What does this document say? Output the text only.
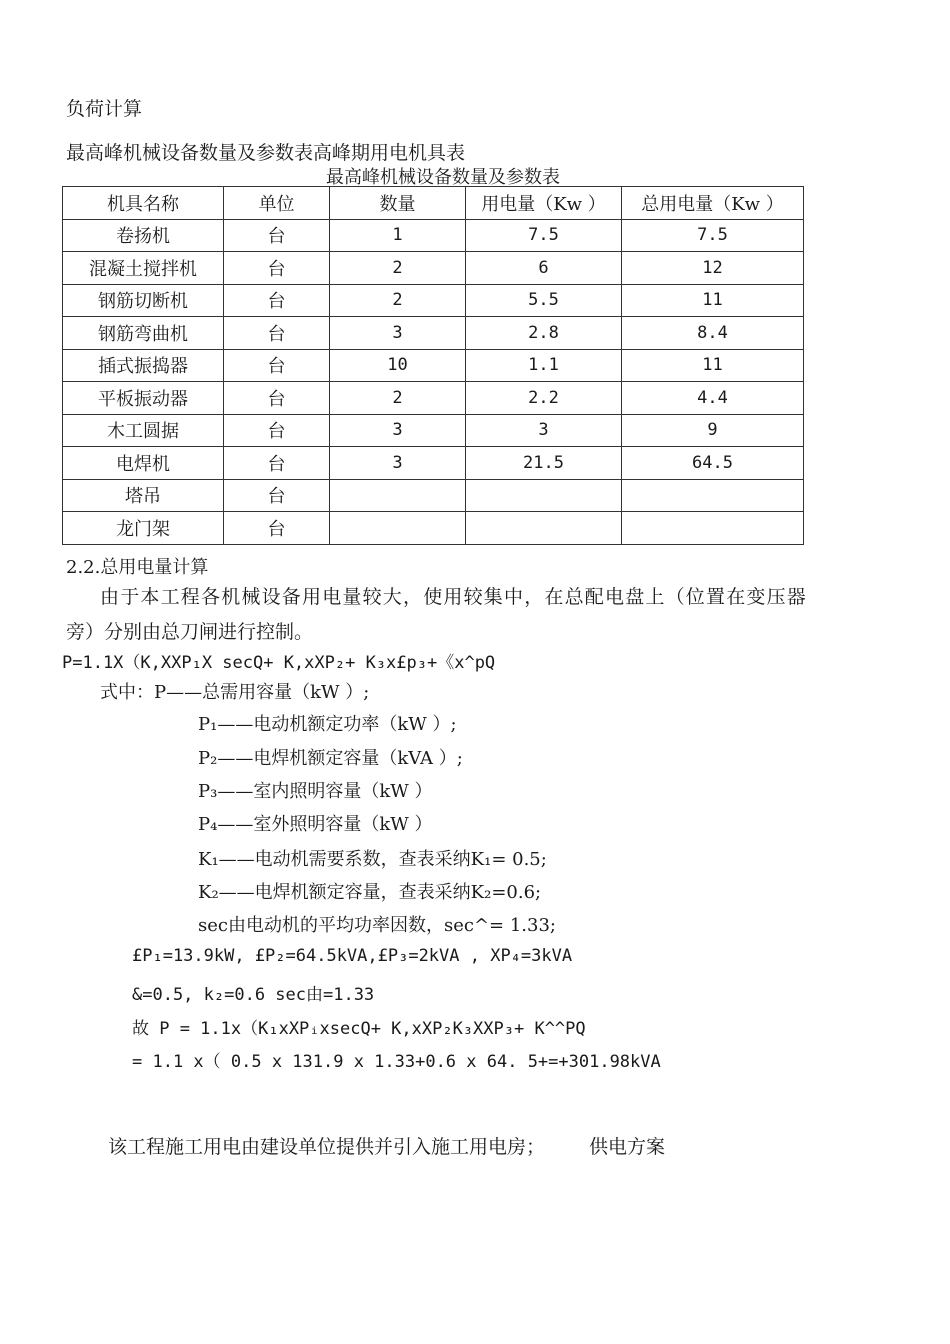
负荷计算
最高峰机械设备数量及参数表高峰期用电机具表
最高峰机械设备数量及参数表
机具名称	单位	数量	用电量（Kw ）	总用电量（Kw ）
卷扬机	台	1	7.5	7.5
混凝土搅拌机	台	2	6	12
钢筋切断机	台	2	5.5	11
钢筋弯曲机	台	3	2.8	8.4
插式振捣器	台	10	1.1	11
平板振动器	台	2	2.2	4.4
木工圆据	台	3	3	9
电焊机	台	3	21.5	64.5
塔吊	台			
龙门架	台			
2.2.总用电量计算
由于本工程各机械设备用电量较大，使用较集中，在总配电盘上（位置在变压器
旁）分别由总刀闸进行控制。
P=1.1X（K,XXP₁X secQ+ K,xXP₂+ K₃x£p₃+《x^pQ
式中：P——总需用容量（kW ）;
P₁——电动机额定功率（kW ）;
P₂——电焊机额定容量（kVA ）;
P₃——室内照明容量（kW ）
P₄——室外照明容量（kW ）
K₁——电动机需要系数，查表采纳K₁= 0.5;
K₂——电焊机额定容量，查表采纳K₂=0.6;
sec由电动机的平均功率因数，sec^= 1.33;
£P₁=13.9kW, £P₂=64.5kVA,£P₃=2kVA , XP₄=3kVA
&=0.5, k₂=0.6 sec由=1.33
故 P = 1.1x（K₁xXPᵢxsecQ+ K,xXP₂K₃XXP₃+ K^^PQ
= 1.1 x（ 0.5 x 131.9 x 1.33+0.6 x 64. 5+=+301.98kVA
该工程施工用电由建设单位提供并引入施工用电房； 供电方案
